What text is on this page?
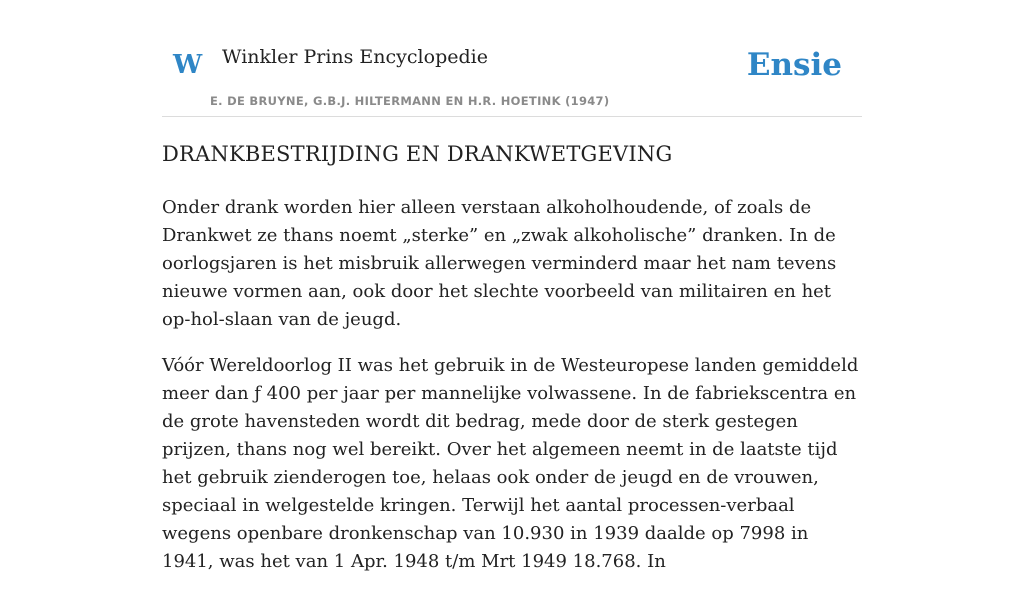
W Winkler Prins Encyclopedie
E. DE BRUYNE, G.B.J. HILTERMANN EN H.R. HOETINK (1947)
Ensie
DRANKBESTRIJDING EN DRANKWETGEVING

Onder drank worden hier alleen verstaan alkoholhoudende, of zoals de Drankwet ze thans noemt „sterke” en „zwak alkoholische” dranken. In de oorlogsjaren is het misbruik allerwegen verminderd maar het nam tevens nieuwe vormen aan, ook door het slechte voorbeeld van militairen en het op-hol-slaan van de jeugd.

Vóór Wereldoorlog II was het gebruik in de Westeuropese landen gemiddeld meer dan ƒ 400 per jaar per mannelijke volwassene. In de fabriekscentra en de grote havensteden wordt dit bedrag, mede door de sterk gestegen prijzen, thans nog wel bereikt. Over het algemeen neemt in de laatste tijd het gebruik zienderogen toe, helaas ook onder de jeugd en de vrouwen, speciaal in welgestelde kringen. Terwijl het aantal processen-verbaal wegens openbare dronkenschap van 10.930 in 1939 daalde op 7998 in 1941, was het van 1 Apr. 1948 t/m Mrt 1949 18.768. In
